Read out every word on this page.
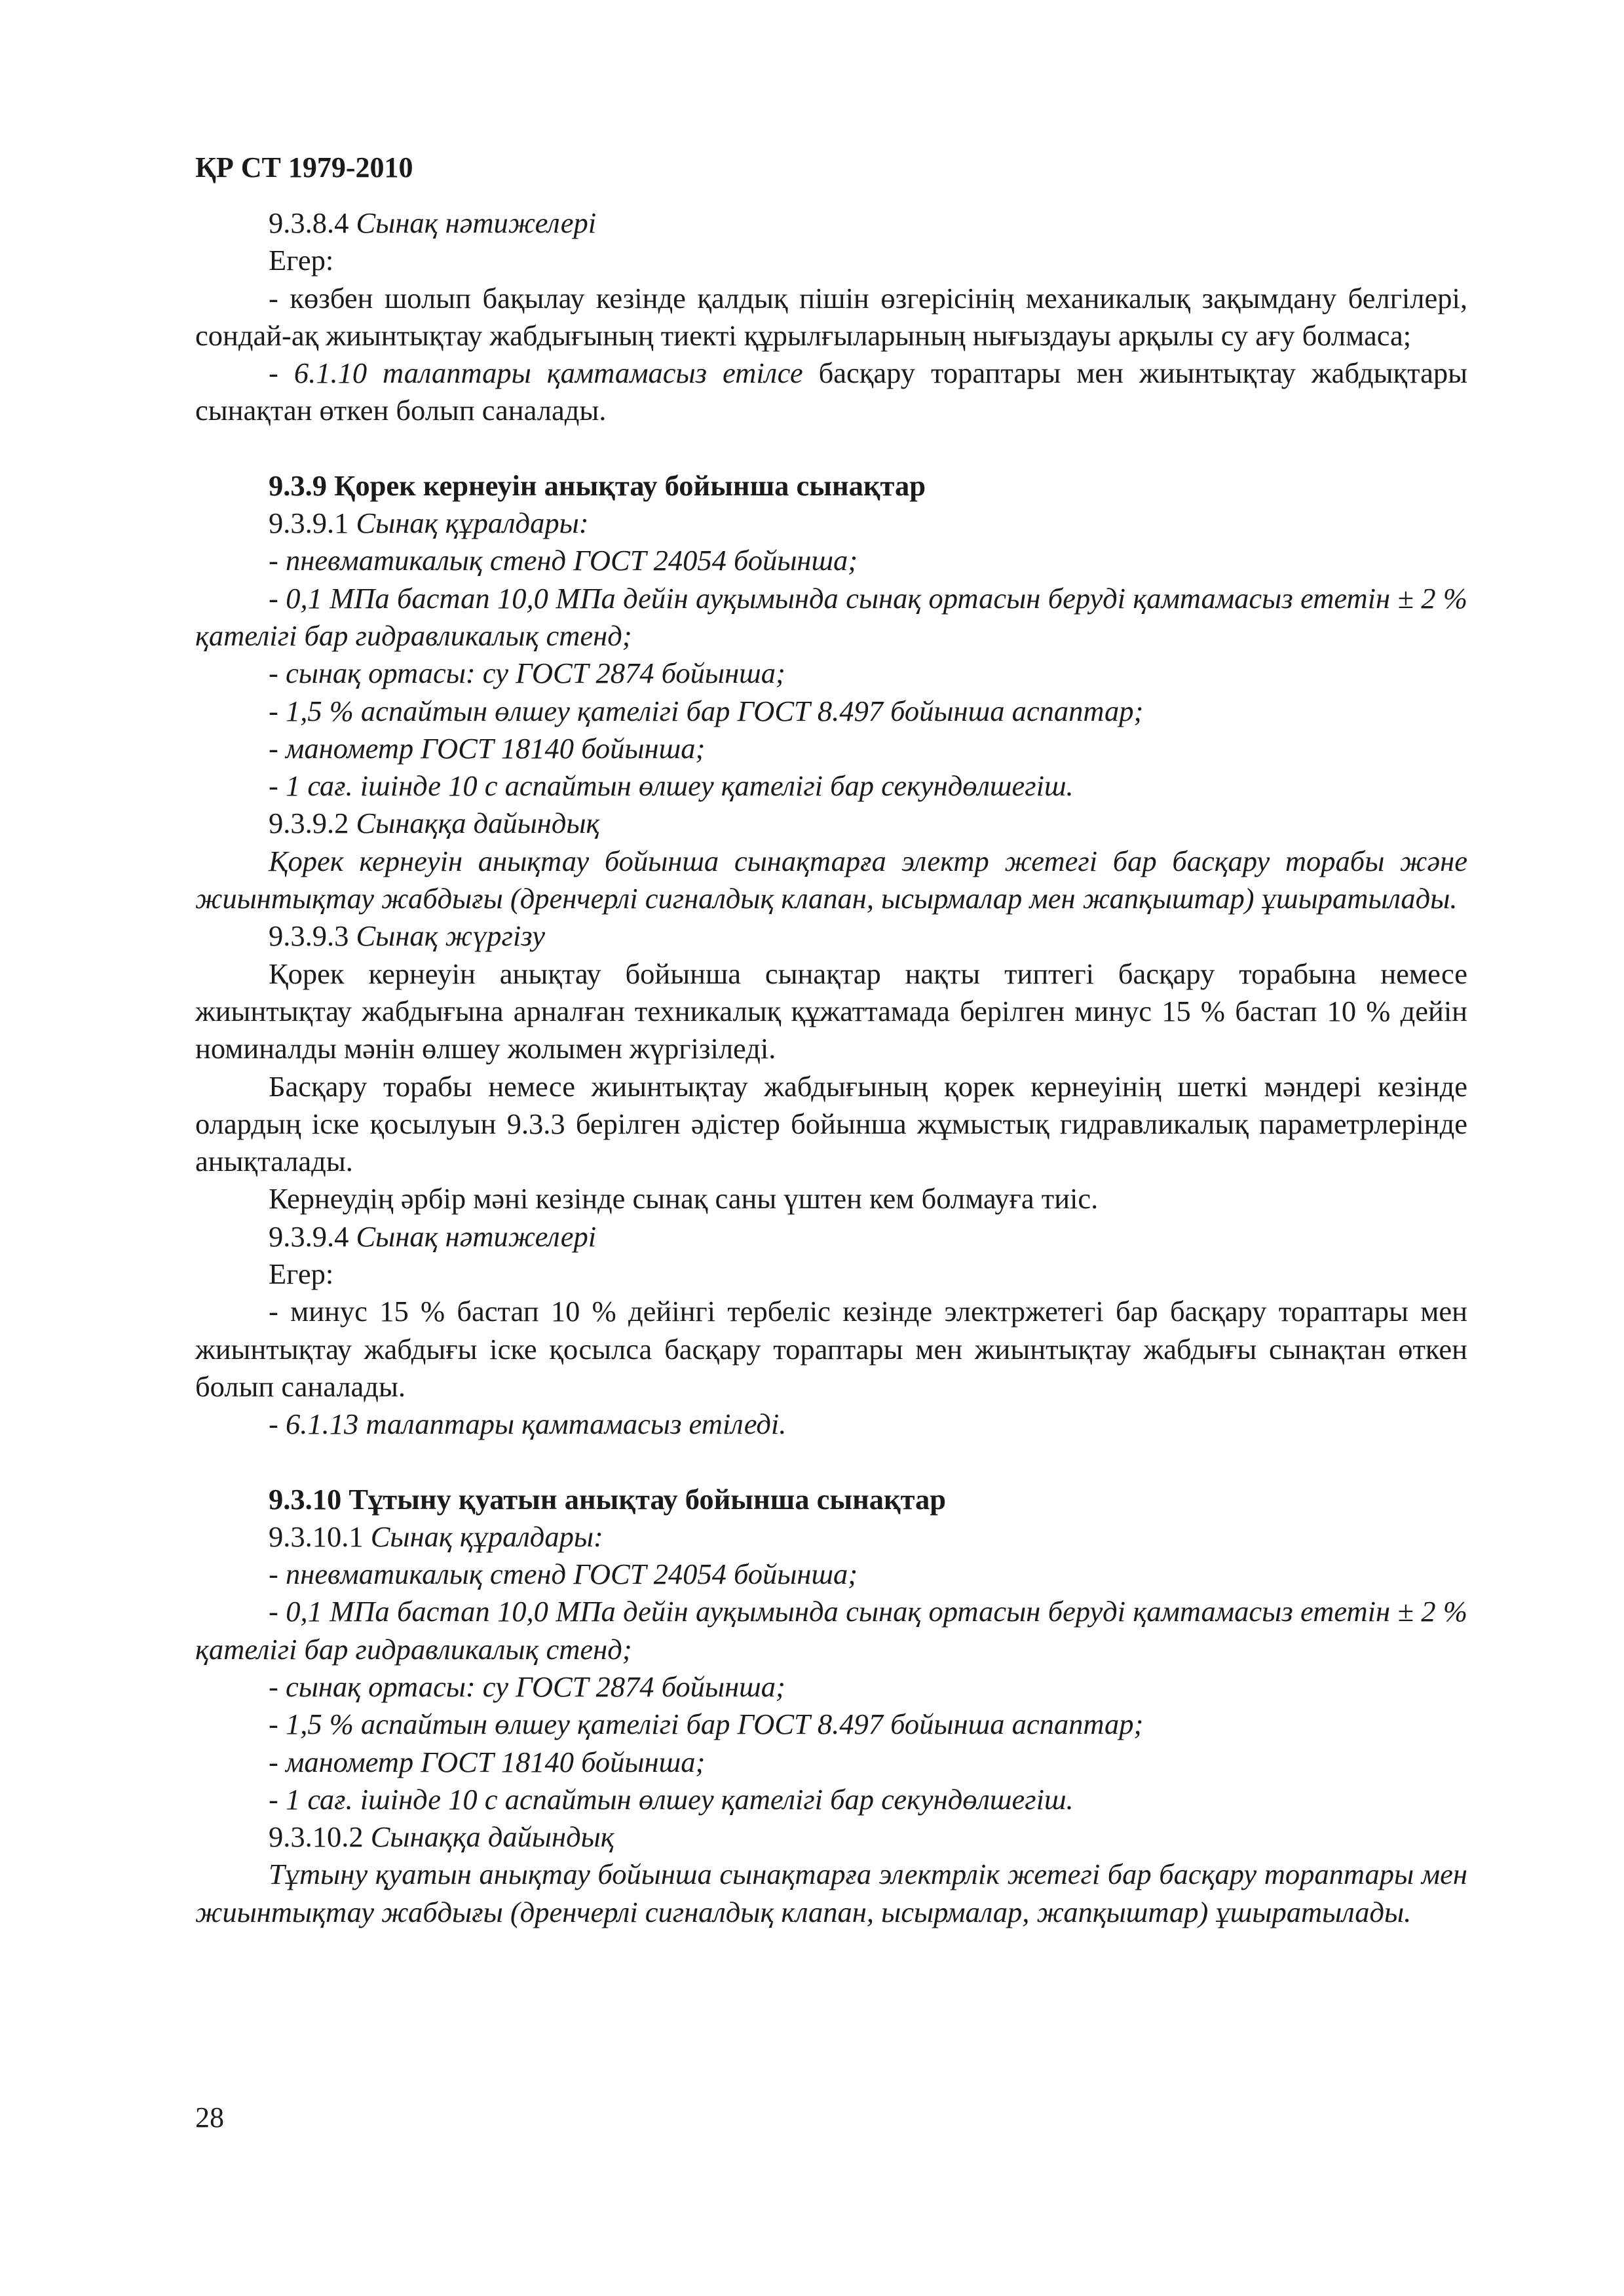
ҚР СТ 1979-2010

9.3.8.4 Сынақ нәтижелері

Егер:

- көзбен шолып бақылау кезінде қалдық пішін өзгерісінің механикалық зақымдану белгілері, сондай-ақ жиынтықтау жабдығының тиекті құрылғыларының нығыздауы арқылы су ағу болмаса;

- 6.1.10 талаптары қамтамасыз етілсе басқару тораптары мен жиынтықтау жабдықтары сынақтан өткен болып саналады.

9.3.9 Қорек кернеуін анықтау бойынша сынақтар

9.3.9.1 Сынақ құралдары:

- пневматикалық стенд ГОСТ 24054 бойынша;

- 0,1 МПа бастап 10,0 МПа дейін ауқымында сынақ ортасын беруді қамтамасыз ететін ± 2 % қателігі бар гидравликалық стенд;

- сынақ ортасы: су ГОСТ 2874 бойынша;

- 1,5 % аспайтын өлшеу қателігі бар ГОСТ 8.497 бойынша аспаптар;

- манометр ГОСТ 18140 бойынша;

- 1 сағ. ішінде 10 с аспайтын өлшеу қателігі бар секундөлшегіш.

9.3.9.2 Сынаққа дайындық

Қорек кернеуін анықтау бойынша сынақтарға электр жетегі бар басқару торабы және жиынтықтау жабдығы (дренчерлі сигналдық клапан, ысырмалар мен жапқыштар) ұшыратылады.

9.3.9.3 Сынақ жүргізу

Қорек кернеуін анықтау бойынша сынақтар нақты типтегі басқару торабына немесе жиынтықтау жабдығына арналған техникалық құжаттамада берілген минус 15 % бастап 10 % дейін номиналды мәнін өлшеу жолымен жүргізіледі.

Басқару торабы немесе жиынтықтау жабдығының қорек кернеуінің шеткі мәндері кезінде олардың іске қосылуын 9.3.3 берілген әдістер бойынша жұмыстық гидравликалық параметрлерінде анықталады.

Кернеудің әрбір мәні кезінде сынақ саны үштен кем болмауға тиіс.

9.3.9.4 Сынақ нәтижелері

Егер:

- минус 15 % бастап 10 % дейінгі тербеліс кезінде электржетегі бар басқару тораптары мен жиынтықтау жабдығы іске қосылса басқару тораптары мен жиынтықтау жабдығы сынақтан өткен болып саналады.

- 6.1.13 талаптары қамтамасыз етіледі.

9.3.10 Тұтыну қуатын анықтау бойынша сынақтар

9.3.10.1 Сынақ құралдары:

- пневматикалық стенд ГОСТ 24054 бойынша;

- 0,1 МПа бастап 10,0 МПа дейін ауқымында сынақ ортасын беруді қамтамасыз ететін ± 2 % қателігі бар гидравликалық стенд;

- сынақ ортасы: су ГОСТ 2874 бойынша;

- 1,5 % аспайтын өлшеу қателігі бар ГОСТ 8.497 бойынша аспаптар;

- манометр ГОСТ 18140 бойынша;

- 1 сағ. ішінде 10 с аспайтын өлшеу қателігі бар секундөлшегіш.

9.3.10.2 Сынаққа дайындық

Тұтыну қуатын анықтау бойынша сынақтарға электрлік жетегі бар басқару тораптары мен жиынтықтау жабдығы (дренчерлі сигналдық клапан, ысырмалар, жапқыштар) ұшыратылады.

28
